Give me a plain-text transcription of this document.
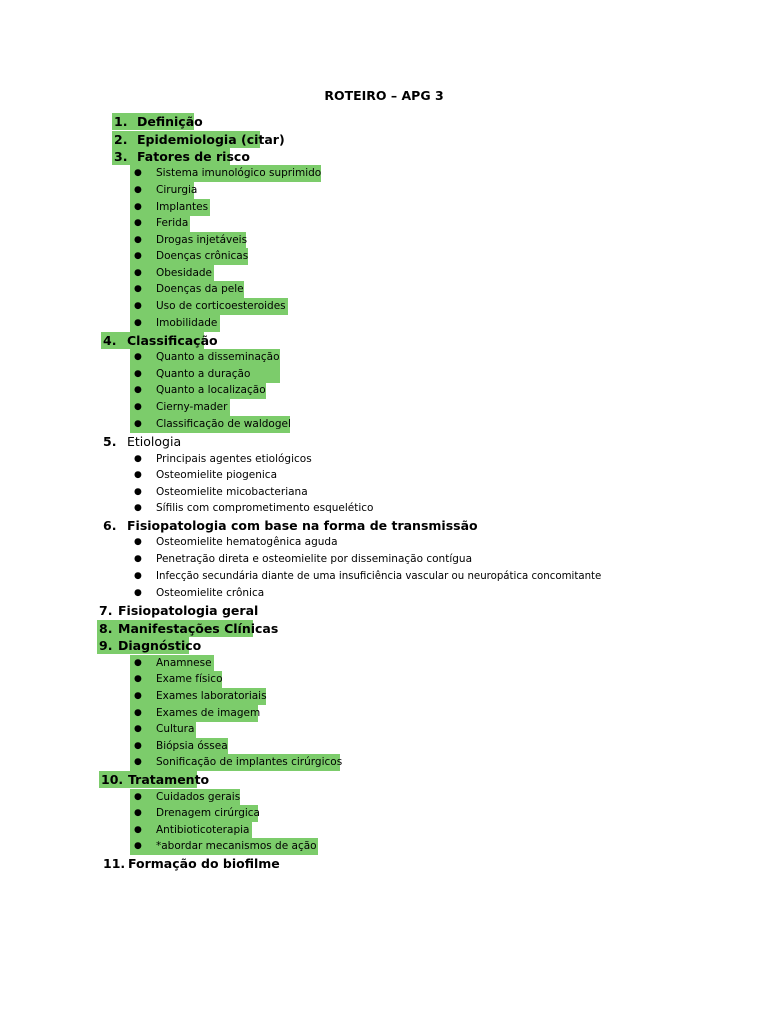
ROTEIRO – APG 3
1. Definição
2. Epidemiologia (citar)
3. Fatores de risco
● Sistema imunológico suprimido
● Cirurgia
● Implantes
● Ferida
● Drogas injetáveis
● Doenças crônicas
● Obesidade
● Doenças da pele
● Uso de corticoesteroides
● Imobilidade
4. Classificação
● Quanto a disseminação
● Quanto a duração
● Quanto a localização
● Cierny-mader
● Classificação de waldogel
5. Etiologia
● Principais agentes etiológicos
● Osteomielite piogenica
● Osteomielite micobacteriana
● Sífilis com comprometimento esquelético
6. Fisiopatologia com base na forma de transmissão
● Osteomielite hematogênica aguda
● Penetração direta e osteomielite por disseminação contígua
● Infecção secundária diante de uma insuficiência vascular ou neuropática concomitante
● Osteomielite crônica
7. Fisiopatologia geral
8. Manifestações Clínicas
9. Diagnóstico
● Anamnese
● Exame físico
● Exames laboratoriais
● Exames de imagem
● Cultura
● Biópsia óssea
● Sonificação de implantes cirúrgicos
10. Tratamento
● Cuidados gerais
● Drenagem cirúrgica
● Antibioticoterapia
● *abordar mecanismos de ação
11. Formação do biofilme
